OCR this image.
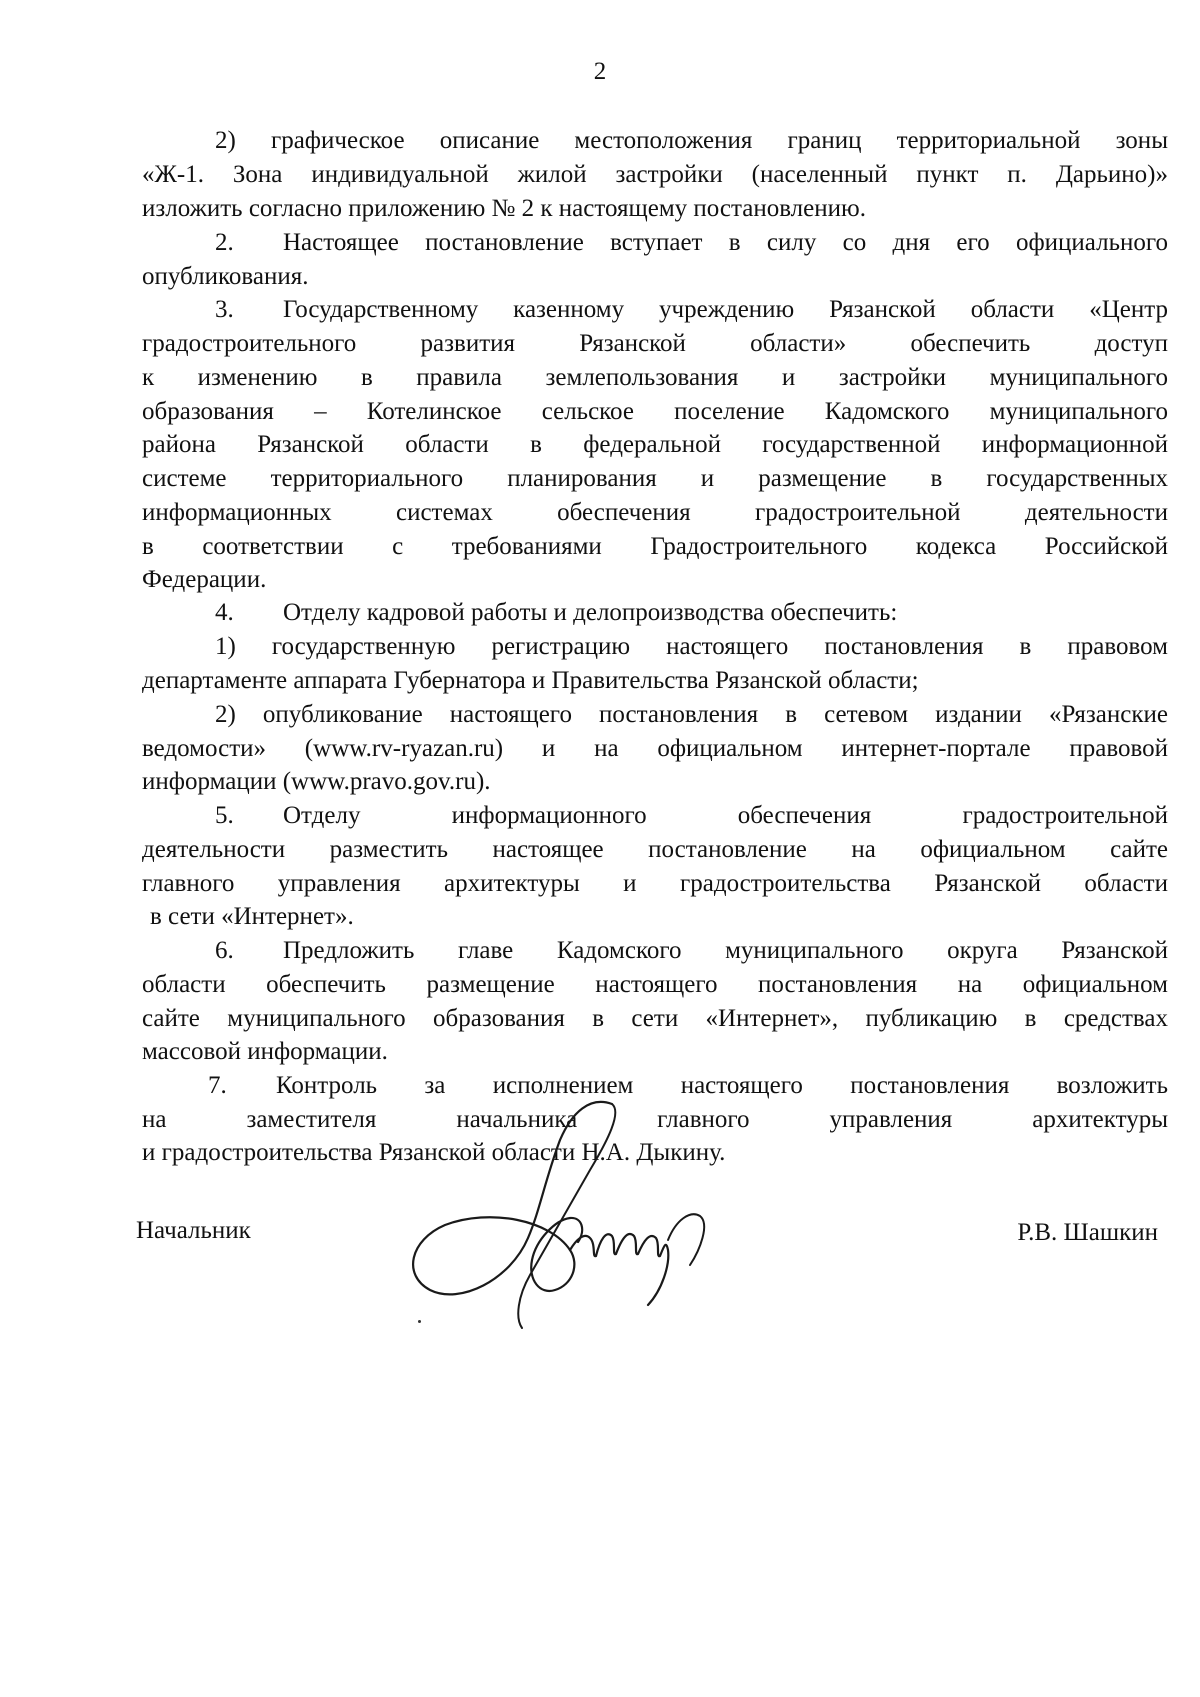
2
2) графическое описание местоположения границ территориальной зоны
«Ж-1. Зона индивидуальной жилой застройки (населенный пункт п. Дарьино)»
изложить согласно приложению № 2 к настоящему постановлению.
2. Настоящее постановление вступает в силу со дня его официального
опубликования.
3. Государственному казенному учреждению Рязанской области «Центр
градостроительного развития Рязанской области» обеспечить доступ
к изменению в правила землепользования и застройки муниципального
образования – Котелинское сельское поселение Кадомского муниципального
района Рязанской области в федеральной государственной информационной
системе территориального планирования и размещение в государственных
информационных системах обеспечения градостроительной деятельности
в соответствии с требованиями Градостроительного кодекса Российской
Федерации.
4. Отделу кадровой работы и делопроизводства обеспечить:
1) государственную регистрацию настоящего постановления в правовом
департаменте аппарата Губернатора и Правительства Рязанской области;
2) опубликование настоящего постановления в сетевом издании «Рязанские
ведомости» (www.rv-ryazan.ru) и на официальном интернет-портале правовой
информации (www.pravo.gov.ru).
5. Отделу информационного обеспечения градостроительной
деятельности разместить настоящее постановление на официальном сайте
главного управления архитектуры и градостроительства Рязанской области
в сети «Интернет».
6. Предложить главе Кадомского муниципального округа Рязанской
области обеспечить размещение настоящего постановления на официальном
сайте муниципального образования в сети «Интернет», публикацию в средствах
массовой информации.
7. Контроль за исполнением настоящего постановления возложить
на заместителя начальника главного управления архитектуры
и градостроительства Рязанской области Н.А. Дыкину.
Начальник	Р.В. Шашкин
